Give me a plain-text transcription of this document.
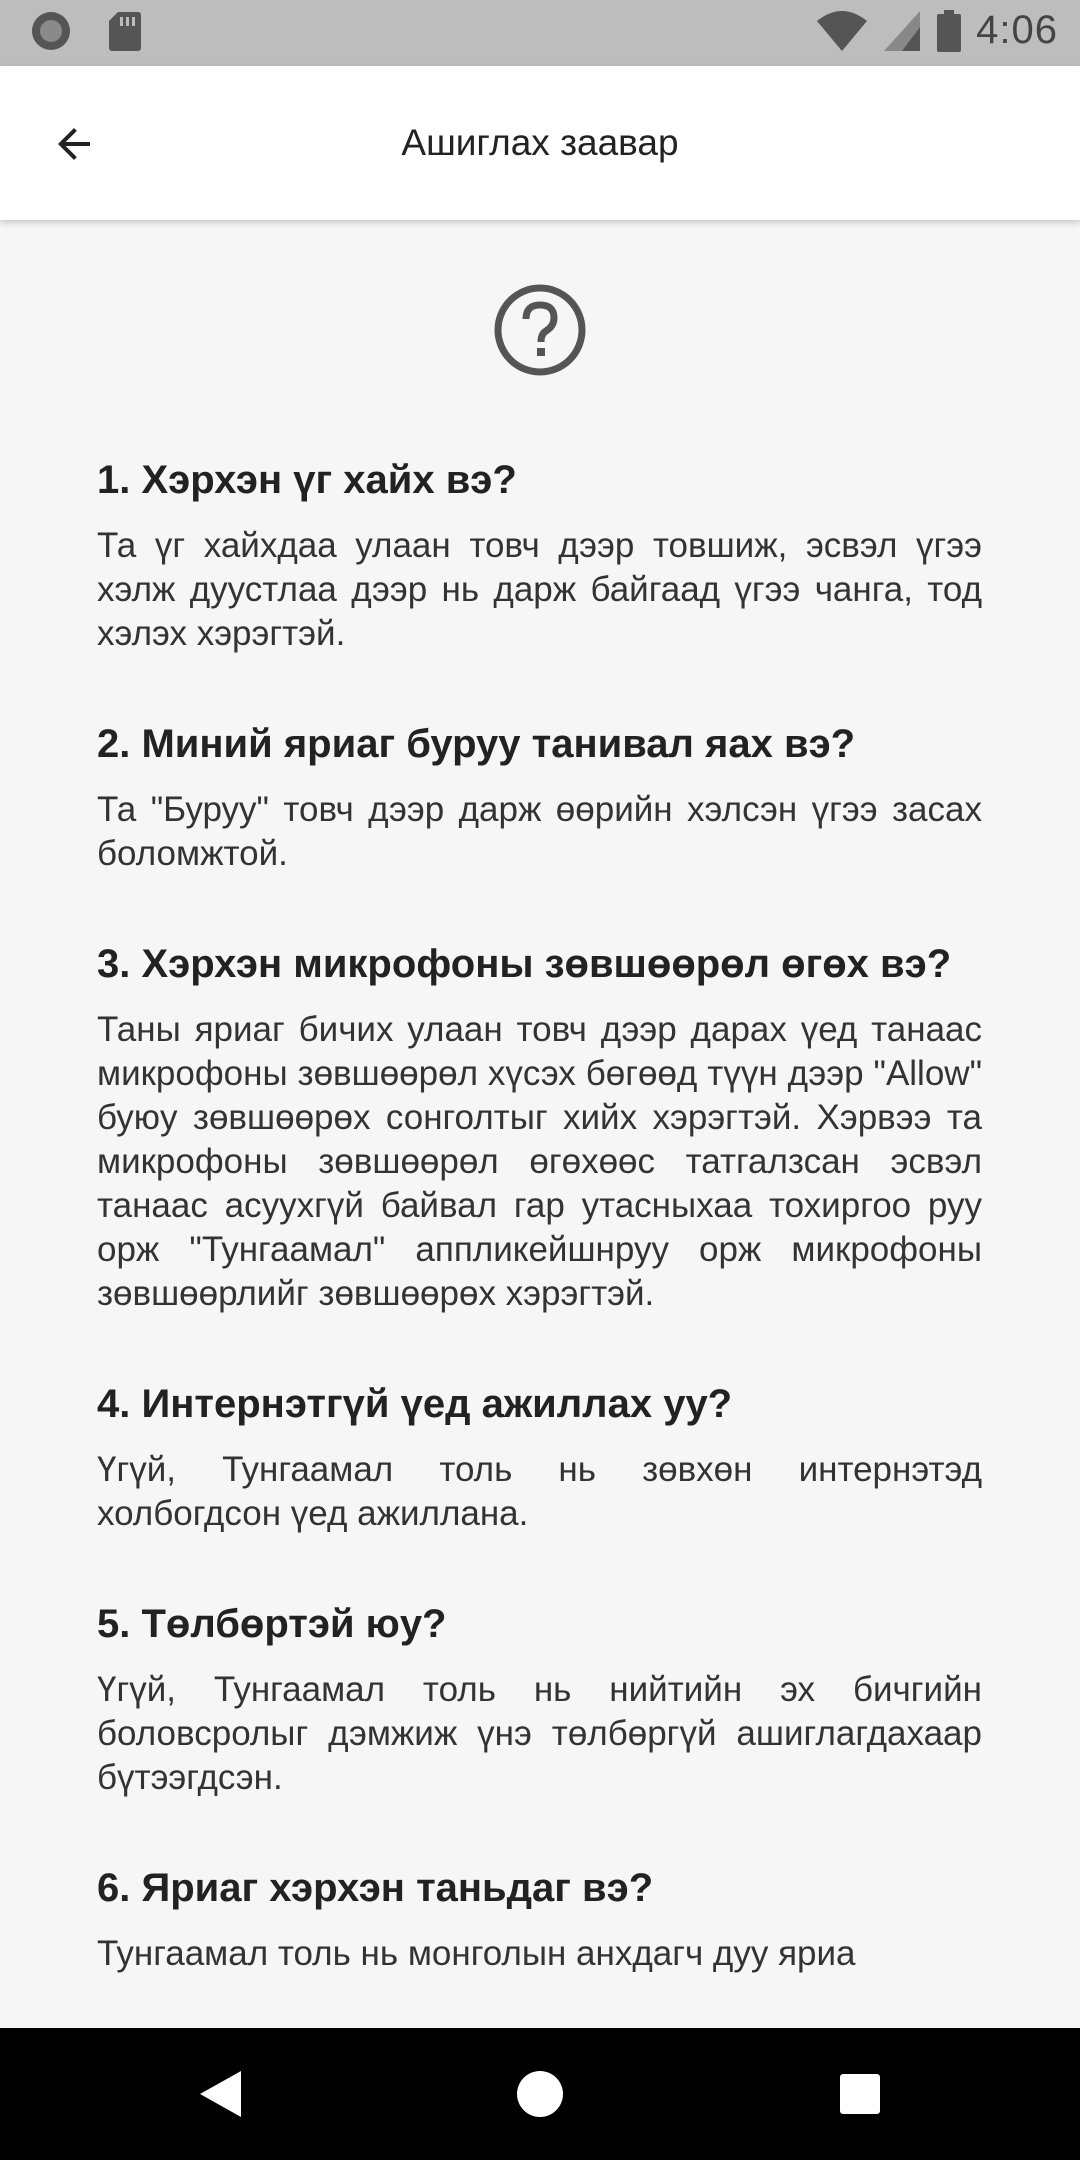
4:06
Ашиглах заавар
1. Хэрхэн үг хайх вэ?

Та үг хайхдаа улаан товч дээр товшиж, эсвэл үгээ хэлж дуустлаа дээр нь дарж байгаад үгээ чанга, тод хэлэх хэрэгтэй.

2. Миний яриаг буруу танивал яах вэ?

Та "Буруу" товч дээр дарж өөрийн хэлсэн үгээ засах боломжтой.

3. Хэрхэн микрофоны зөвшөөрөл өгөх вэ?

Таны яриаг бичих улаан товч дээр дарах үед танаас микрофоны зөвшөөрөл хүсэх бөгөөд түүн дээр "Allow" буюу зөвшөөрөх сонголтыг хийх хэрэгтэй. Хэрвээ та микрофоны зөвшөөрөл өгөхөөс татгалзсан эсвэл танаас асуухгүй байвал гар утасныхаа тохиргоо руу орж "Тунгаамал" аппликейшнруу орж микрофоны зөвшөөрлийг зөвшөөрөх хэрэгтэй.

4. Интернэтгүй үед ажиллах уу?

Үгүй, Тунгаамал толь нь зөвхөн интернэтэд холбогдсон үед ажиллана.

5. Төлбөртэй юу?

Үгүй, Тунгаамал толь нь нийтийн эх бичгийн боловсролыг дэмжиж үнэ төлбөргүй ашиглагдахаар бүтээгдсэн.

6. Яриаг хэрхэн таньдаг вэ?

Тунгаамал толь нь монголын анхдагч дуу яриа
